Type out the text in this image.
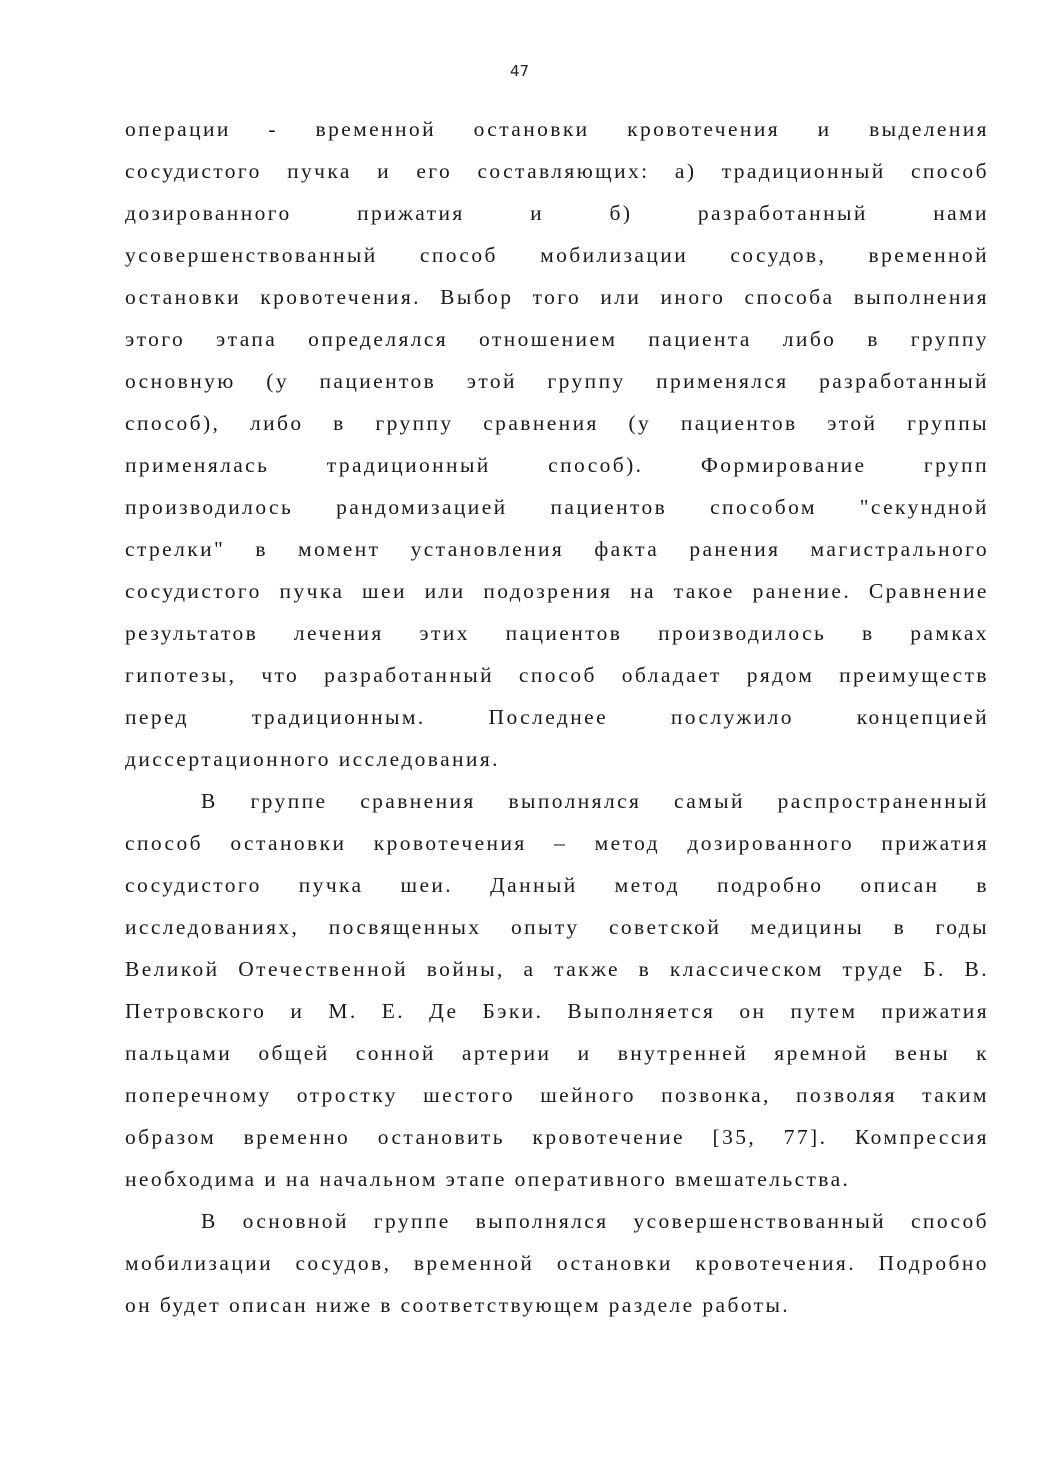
47
операции - временной остановки кровотечения и выделения
сосудистого пучка и его составляющих: а) традиционный способ
дозированного	прижатия	и	б)	разработанный	нами
усовершенствованный способ мобилизации сосудов, временной
остановки кровотечения. Выбор того или иного способа выполнения
этого этапа определялся отношением пациента либо в группу
основную (у пациентов этой группу применялся разработанный
способ), либо в группу сравнения (у пациентов этой группы
применялась	традиционный	способ).	Формирование	групп
производилось рандомизацией пациентов способом "секундной
стрелки" в момент установления факта ранения магистрального
сосудистого пучка шеи или подозрения на такое ранение. Сравнение
результатов лечения этих пациентов производилось в рамках
гипотезы, что разработанный способ обладает рядом преимуществ
перед	традиционным.	Последнее	послужило	концепцией
диссертационного исследования.
В группе сравнения выполнялся самый распространенный
способ остановки кровотечения – метод дозированного прижатия
сосудистого пучка шеи. Данный метод подробно описан в
исследованиях, посвященных опыту советской медицины в годы
Великой Отечественной войны, а также в классическом труде Б. В.
Петровского и М. Е. Де Бэки. Выполняется он путем прижатия
пальцами общей сонной артерии и внутренней яремной вены к
поперечному отростку шестого шейного позвонка, позволяя таким
образом временно остановить кровотечение [35, 77]. Компрессия
необходима и на начальном этапе оперативного вмешательства.
В основной группе выполнялся усовершенствованный способ
мобилизации сосудов, временной остановки кровотечения. Подробно
он будет описан ниже в соответствующем разделе работы.
